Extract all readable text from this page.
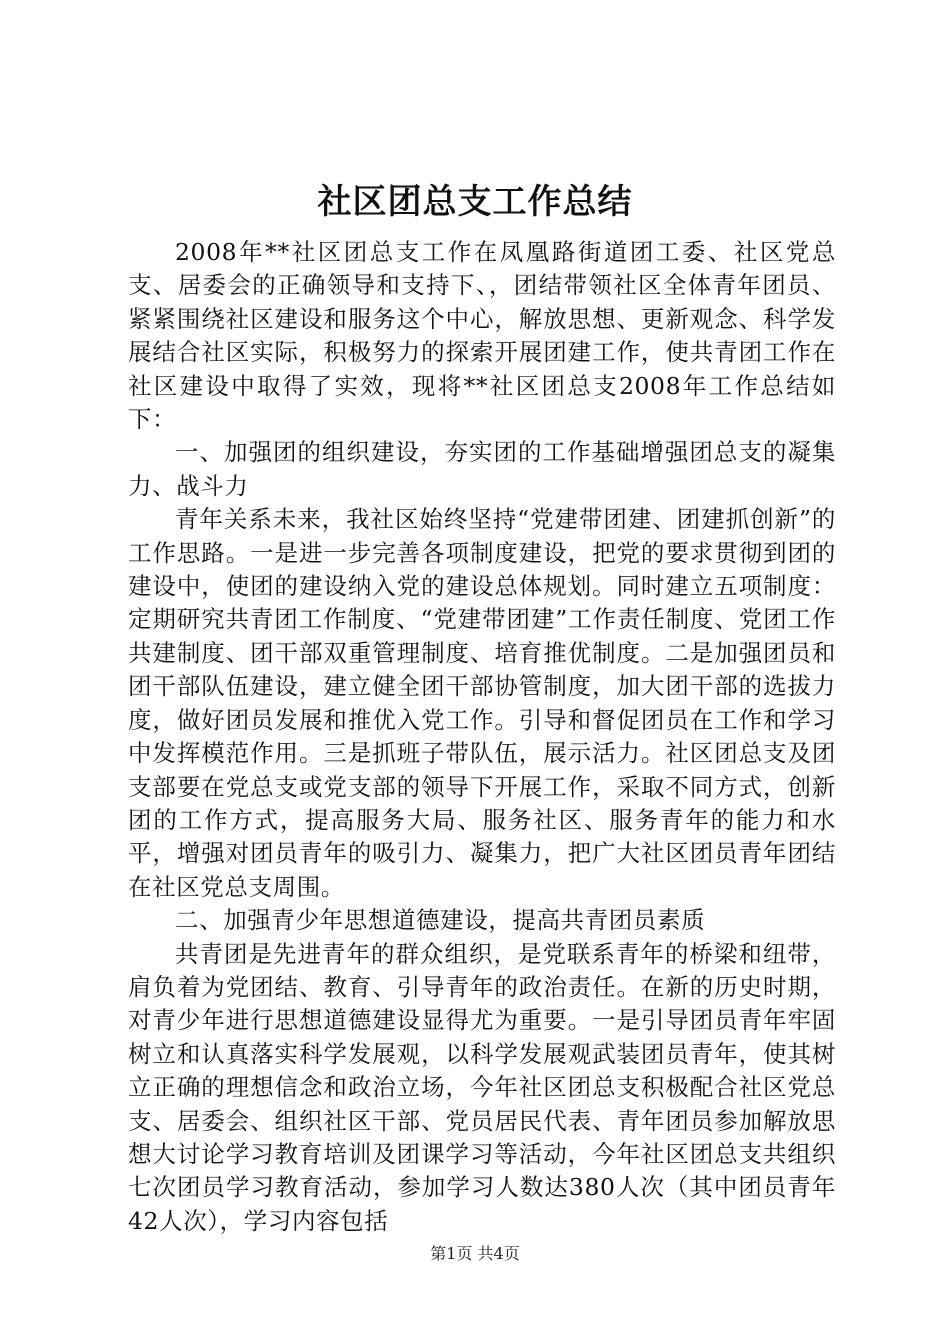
社区团总支工作总结

2008年**社区团总支工作在凤凰路街道团工委、社区党总支、居委会的正确领导和支持下、，团结带领社区全体青年团员、紧紧围绕社区建设和服务这个中心，解放思想、更新观念、科学发展结合社区实际，积极努力的探索开展团建工作，使共青团工作在社区建设中取得了实效，现将**社区团总支2008年工作总结如下：

一、加强团的组织建设，夯实团的工作基础增强团总支的凝集力、战斗力

青年关系未来，我社区始终坚持“党建带团建、团建抓创新”的工作思路。一是进一步完善各项制度建设，把党的要求贯彻到团的建设中，使团的建设纳入党的建设总体规划。同时建立五项制度：定期研究共青团工作制度、“党建带团建”工作责任制度、党团工作共建制度、团干部双重管理制度、培育推优制度。二是加强团员和团干部队伍建设，建立健全团干部协管制度，加大团干部的选拔力度，做好团员发展和推优入党工作。引导和督促团员在工作和学习中发挥模范作用。三是抓班子带队伍，展示活力。社区团总支及团支部要在党总支或党支部的领导下开展工作，采取不同方式，创新团的工作方式，提高服务大局、服务社区、服务青年的能力和水平，增强对团员青年的吸引力、凝集力，把广大社区团员青年团结在社区党总支周围。

二、加强青少年思想道德建设，提高共青团员素质

共青团是先进青年的群众组织，是党联系青年的桥梁和纽带，肩负着为党团结、教育、引导青年的政治责任。在新的历史时期，对青少年进行思想道德建设显得尤为重要。一是引导团员青年牢固树立和认真落实科学发展观，以科学发展观武装团员青年，使其树立正确的理想信念和政治立场，今年社区团总支积极配合社区党总支、居委会、组织社区干部、党员居民代表、青年团员参加解放思想大讨论学习教育培训及团课学习等活动，今年社区团总支共组织七次团员学习教育活动，参加学习人数达380人次（其中团员青年42人次），学习内容包括

第1页 共4页
